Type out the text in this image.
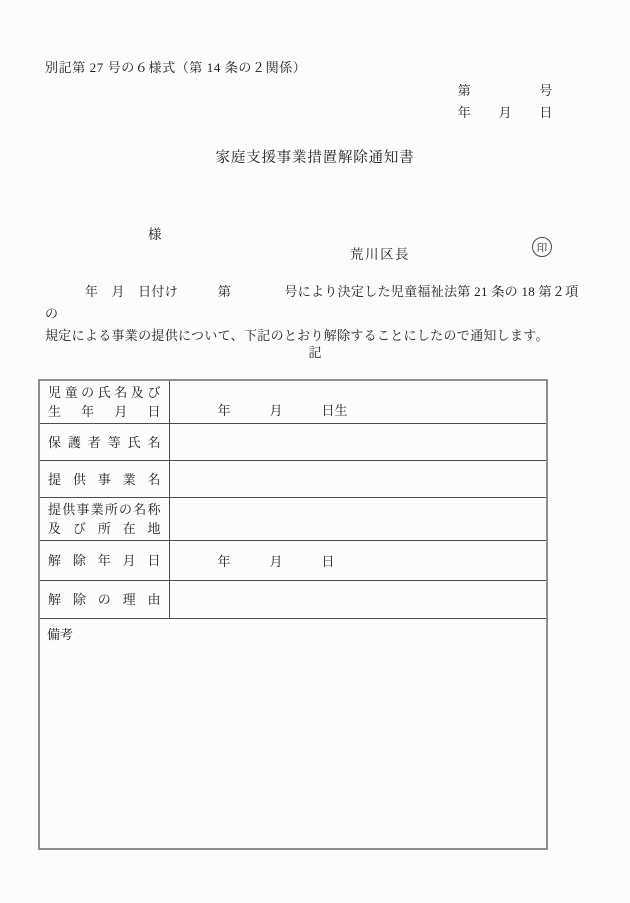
別記第 27 号の６様式（第 14 条の２関係）
第　　　　　号
年　　月　　日
家庭支援事業措置解除通知書
様
荒川区長	印
　　　年　月　日付け　　　第　　　　号により決定した児童福祉法第 21 条の 18 第２項の
規定による事業の提供について、下記のとおり解除することにしたので通知します。
記
児童の氏名及び
生年月日	年　　　月　　　日生

保護者等氏名	

提供事業名	

提供事業所の名称
及び所在地	

解除年月日	年　　　月　　　日

解除の理由	

備考	
